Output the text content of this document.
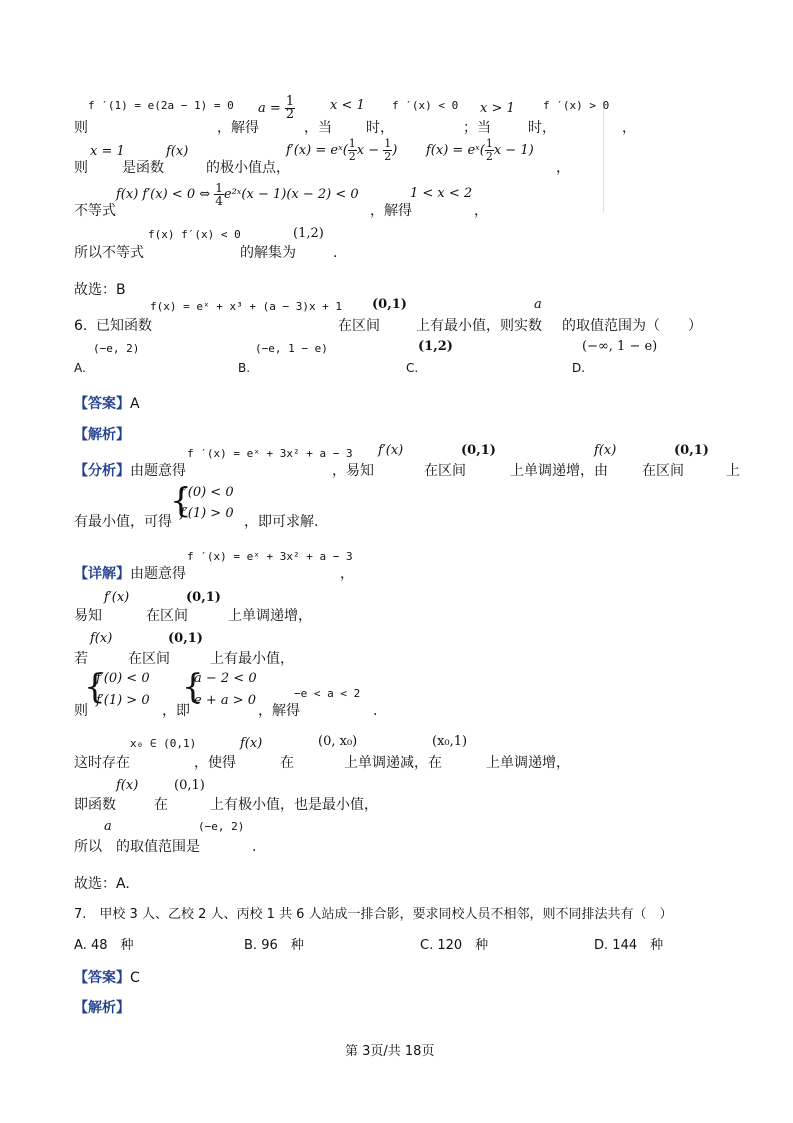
f ′(1) = e(2a − 1) = 0 $a = \frac{1}{2}$	x < 1 f ′(x) < 0 x > 1	f ′(x) > 0
则	，解得	，当 时，	；当	时，	，
x = 1	f(x)	f′(x) = eˣ( $\frac{1}{2}$ $x - \frac{1}{2}$ ) f(x) = eˣ( $\frac{1}{2}$ x − 1)
则 是函数	的极小值点，	，
f(x) f′(x) < 0 ⇔ $\frac{1}{4}$ e²ˣ(x − 1)(x − 2) < 0	1 < x < 2
不等式	，解得	，
f(x) f′(x) < 0	(1,2)
所以不等式	的解集为	.
故选：B
f(x) = eˣ + x³ + (a − 3)x + 1 (0,1)	a
6. 已知函数	在区间	上有最小值，则实数 的取值范围为（　　）
(−e, 2)	(−e, 1 − e)	(1,2)	(−∞, 1 − e)
A.	B.	C.	D.
【答案】A
【解析】
f ′(x) = eˣ + 3x² + a − 3 f′(x)	(0,1)	f(x)	(0,1)
【分析】由题意得	，易知	在区间	上单调递增，由 在区间	上
{
f′(0) < 0
f′(1) > 0
有最小值，可得	，即可求解.
f ′(x) = eˣ + 3x² + a − 3
【详解】由题意得	，
f′(x)	(0,1)
易知	在区间	上单调递增，
f(x)	(0,1)
若	在区间	上有最小值，
{
f′(0) < 0
f′(1) > 0 {
a − 2 < 0
e + a > 0	−e < a < 2
则	，即	，解得	.
x₀ ∈ (0,1)	f(x)	(0, x₀)	(x₀,1)
这时存在	，使得	在	上单调递减，在	上单调递增，
f(x)	(0,1)
即函数	在	上有极小值，也是最小值，
a	(−e, 2)
所以 的取值范围是	.
故选：A.
7.　甲校 3 人、乙校 2 人、丙校 1 共 6 人站成一排合影，要求同校人员不相邻，则不同排法共有（　）
A. 48　种	B. 96　种	C. 120　种	D. 144　种
【答案】C
【解析】
第 3页/共 18页
